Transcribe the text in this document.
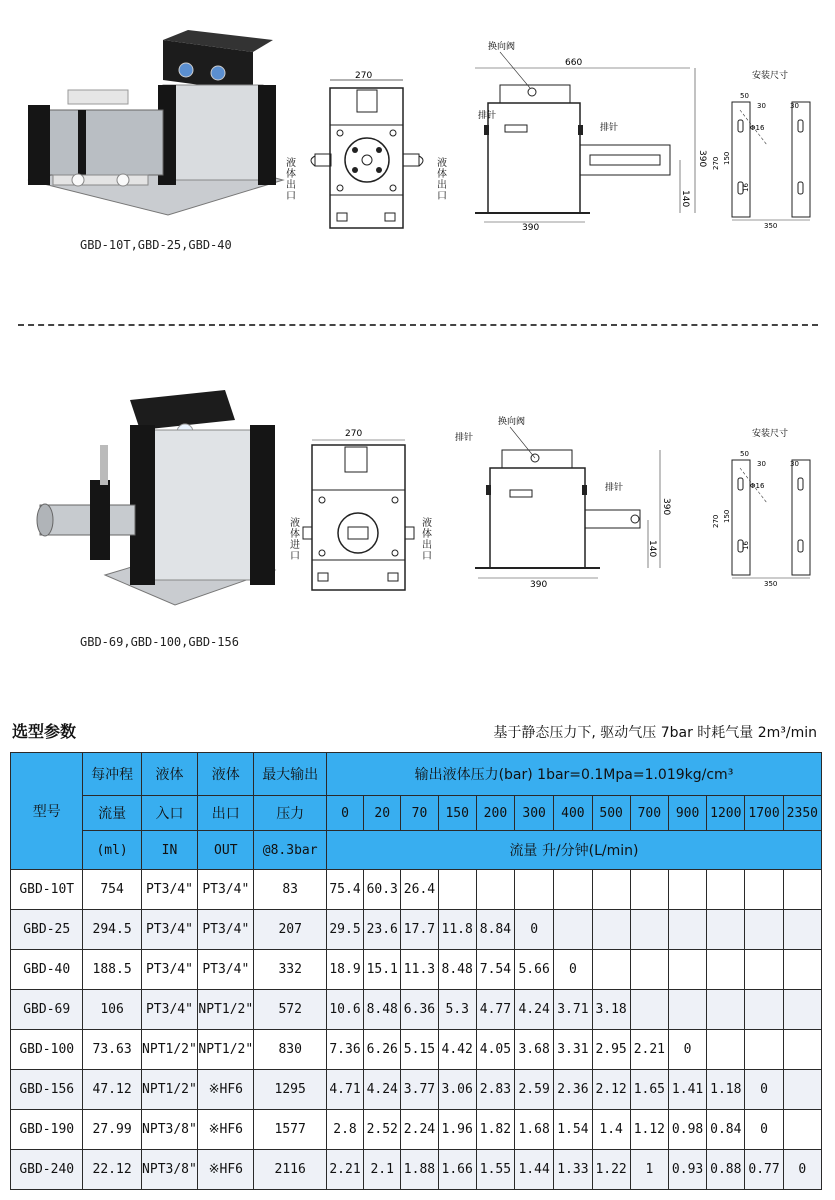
GBD-10T,GBD-25,GBD-40
270
液体出口
液体出口
换向阀
660
390
390
140
排针
排针
安装尺寸
50
30	30
Φ16
270 150
16
350
GBD-69,GBD-100,GBD-156
270
液体进口
液体出口
换向阀
排针
排针
390
390
140
安装尺寸
50
30	30
Φ16
270 150
16
350
选型参数	基于静态压力下, 驱动气压 7bar 时耗气量 2m³/min
型号	每冲程	液体	液体	最大输出	输出液体压力(bar) 1bar=0.1Mpa=1.019kg/cm³												
	流量	入口	出口	压力	0	20	70	150	200	300	400	500	700	900	1200	1700	2350
	(ml)	IN	OUT	@8.3bar	流量 升/分钟(L/min)												
GBD-10T	754	PT3/4"	PT3/4"	83	75.4	60.3	26.4										
GBD-25	294.5	PT3/4"	PT3/4"	207	29.5	23.6	17.7	11.8	8.84	0							
GBD-40	188.5	PT3/4"	PT3/4"	332	18.9	15.1	11.3	8.48	7.54	5.66	0						
GBD-69	106	PT3/4"	NPT1/2"	572	10.6	8.48	6.36	5.3	4.77	4.24	3.71	3.18					
GBD-100	73.63	NPT1/2"	NPT1/2"	830	7.36	6.26	5.15	4.42	4.05	3.68	3.31	2.95	2.21	0			
GBD-156	47.12	NPT1/2"	※HF6	1295	4.71	4.24	3.77	3.06	2.83	2.59	2.36	2.12	1.65	1.41	1.18	0	
GBD-190	27.99	NPT3/8"	※HF6	1577	2.8	2.52	2.24	1.96	1.82	1.68	1.54	1.4	1.12	0.98	0.84	0	
GBD-240	22.12	NPT3/8"	※HF6	2116	2.21	2.1	1.88	1.66	1.55	1.44	1.33	1.22	1	0.93	0.88	0.77	0
